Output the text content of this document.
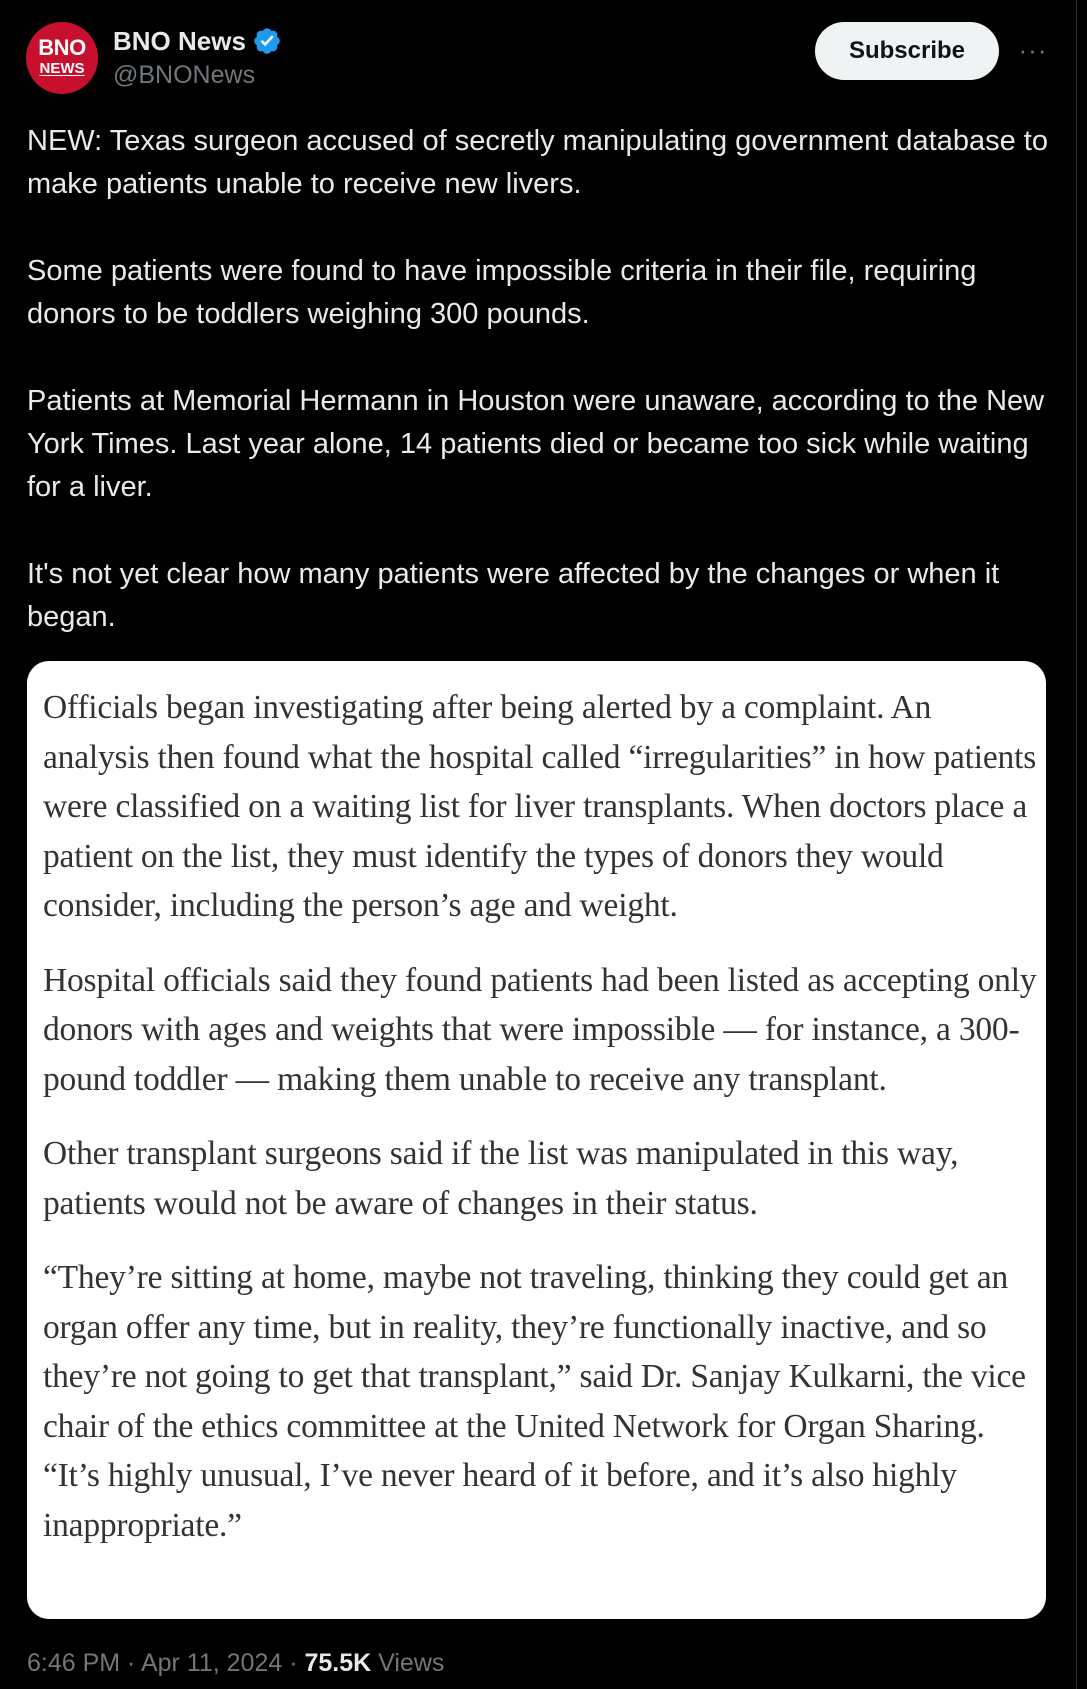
BNO
NEWS
BNO News
@BNONews
Subscribe	···

NEW: Texas surgeon accused of secretly manipulating government database to make patients unable to receive new livers.

Some patients were found to have impossible criteria in their file, requiring donors to be toddlers weighing 300 pounds.

Patients at Memorial Hermann in Houston were unaware, according to the New York Times. Last year alone, 14 patients died or became too sick while waiting for a liver.

It's not yet clear how many patients were affected by the changes or when it began.

Officials began investigating after being alerted by a complaint. An analysis then found what the hospital called “irregularities” in how patients were classified on a waiting list for liver transplants. When doctors place a patient on the list, they must identify the types of donors they would consider, including the person’s age and weight.

Hospital officials said they found patients had been listed as accepting only donors with ages and weights that were impossible — for instance, a 300-pound toddler — making them unable to receive any transplant.

Other transplant surgeons said if the list was manipulated in this way, patients would not be aware of changes in their status.

“They’re sitting at home, maybe not traveling, thinking they could get an organ offer any time, but in reality, they’re functionally inactive, and so they’re not going to get that transplant,” said Dr. Sanjay Kulkarni, the vice chair of the ethics committee at the United Network for Organ Sharing. “It’s highly unusual, I’ve never heard of it before, and it’s also highly inappropriate.”

6:46 PM · Apr 11, 2024 · 75.5K Views
